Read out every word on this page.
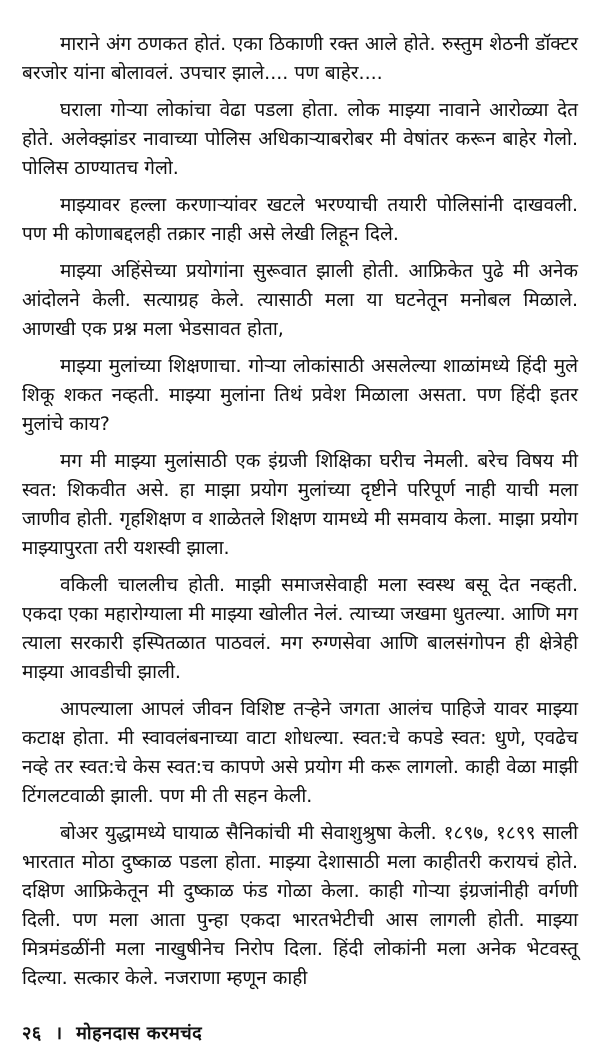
माराने अंग ठणकत होतं. एका ठिकाणी रक्त आले होते. रुस्तुम शेठनी डॉक्टर बरजोर यांना बोलावलं. उपचार झाले.... पण बाहेर....

घराला गोऱ्या लोकांचा वेढा पडला होता. लोक माझ्या नावाने आरोळ्या देत होते. अलेक्झांडर नावाच्या पोलिस अधिकाऱ्याबरोबर मी वेषांतर करून बाहेर गेलो. पोलिस ठाण्यातच गेलो.

माझ्यावर हल्ला करणाऱ्यांवर खटले भरण्याची तयारी पोलिसांनी दाखवली. पण मी कोणाबद्दलही तक्रार नाही असे लेखी लिहून दिले.

माझ्या अहिंसेच्या प्रयोगांना सुरूवात झाली होती. आफ्रिकेत पुढे मी अनेक आंदोलने केली. सत्याग्रह केले. त्यासाठी मला या घटनेतून मनोबल मिळाले. आणखी एक प्रश्न मला भेडसावत होता,

माझ्या मुलांच्या शिक्षणाचा. गोऱ्या लोकांसाठी असलेल्या शाळांमध्ये हिंदी मुले शिकू शकत नव्हती. माझ्या मुलांना तिथं प्रवेश मिळाला असता. पण हिंदी इतर मुलांचे काय?

मग मी माझ्या मुलांसाठी एक इंग्रजी शिक्षिका घरीच नेमली. बरेच विषय मी स्वत: शिकवीत असे. हा माझा प्रयोग मुलांच्या दृष्टीने परिपूर्ण नाही याची मला जाणीव होती. गृहशिक्षण व शाळेतले शिक्षण यामध्ये मी समवाय केला. माझा प्रयोग माझ्यापुरता तरी यशस्वी झाला.

वकिली चाललीच होती. माझी समाजसेवाही मला स्वस्थ बसू देत नव्हती. एकदा एका महारोग्याला मी माझ्या खोलीत नेलं. त्याच्या जखमा धुतल्या. आणि मग त्याला सरकारी इस्पितळात पाठवलं. मग रुग्णसेवा आणि बालसंगोपन ही क्षेत्रेही माझ्या आवडीची झाली.

आपल्याला आपलं जीवन विशिष्ट तऱ्हेने जगता आलंच पाहिजे यावर माझ्या कटाक्ष होता. मी स्वावलंबनाच्या वाटा शोधल्या. स्वत:चे कपडे स्वत: धुणे, एवढेच नव्हे तर स्वत:चे केस स्वत:च कापणे असे प्रयोग मी करू लागलो. काही वेळा माझी टिंगलटवाळी झाली. पण मी ती सहन केली.

बोअर युद्धामध्ये घायाळ सैनिकांची मी सेवाशुश्रुषा केली. १८९७, १८९९ साली भारतात मोठा दुष्काळ पडला होता. माझ्या देशासाठी मला काहीतरी करायचं होते. दक्षिण आफ्रिकेतून मी दुष्काळ फंड गोळा केला. काही गोऱ्या इंग्रजांनीही वर्गणी दिली. पण मला आता पुन्हा एकदा भारतभेटीची आस लागली होती. माझ्या मित्रमंडळींनी मला नाखुषीनेच निरोप दिला. हिंदी लोकांनी मला अनेक भेटवस्तू दिल्या. सत्कार केले. नजराणा म्हणून काही

२६ । मोहनदास करमचंद
